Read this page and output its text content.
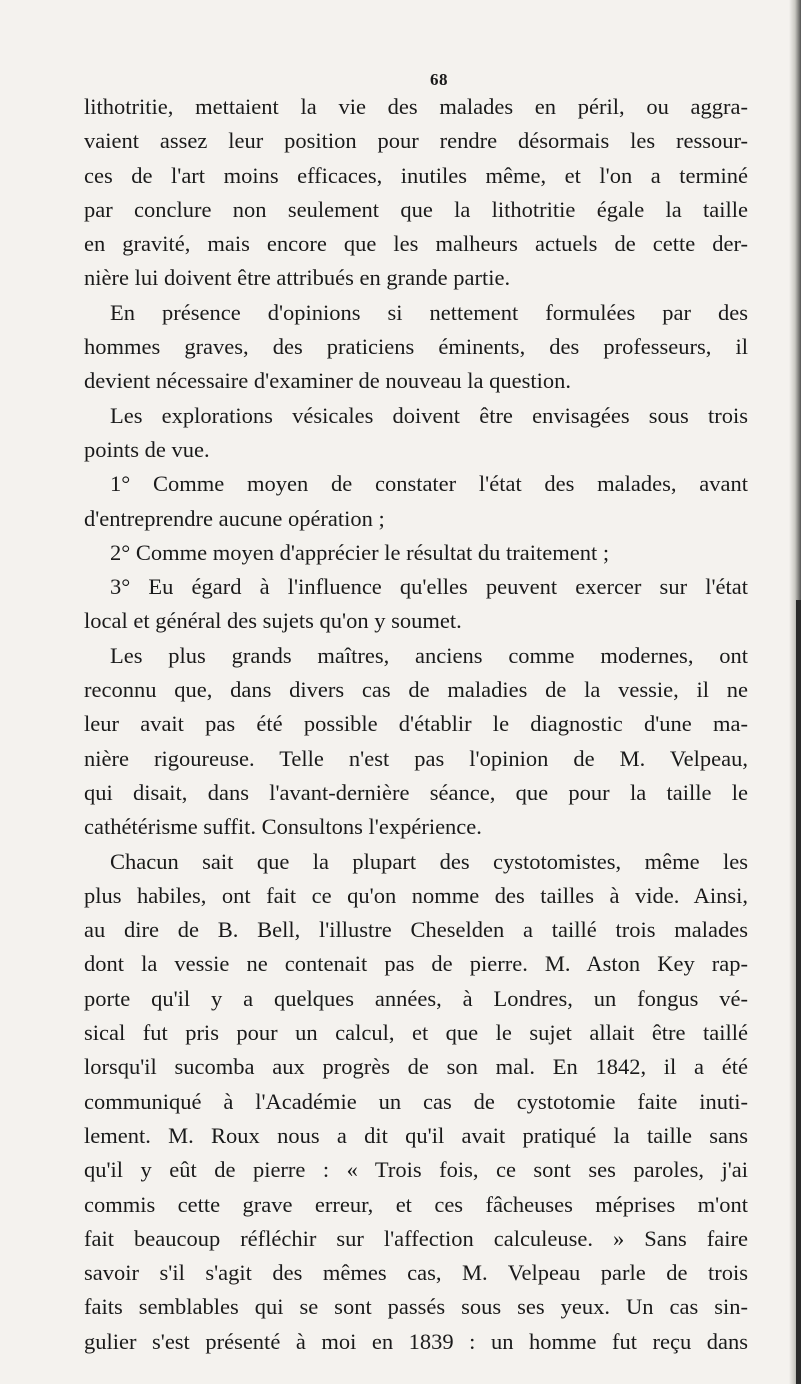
68
lithotritie, mettaient la vie des malades en péril, ou aggra-
vaient assez leur position pour rendre désormais les ressour-
ces de l'art moins efficaces, inutiles même, et l'on a terminé
par conclure non seulement que la lithotritie égale la taille
en gravité, mais encore que les malheurs actuels de cette der-
nière lui doivent être attribués en grande partie.
En présence d'opinions si nettement formulées par des
hommes graves, des praticiens éminents, des professeurs, il
devient nécessaire d'examiner de nouveau la question.
Les explorations vésicales doivent être envisagées sous trois
points de vue.
1° Comme moyen de constater l'état des malades, avant
d'entreprendre aucune opération ;
2° Comme moyen d'apprécier le résultat du traitement ;
3° Eu égard à l'influence qu'elles peuvent exercer sur l'état
local et général des sujets qu'on y soumet.
Les plus grands maîtres, anciens comme modernes, ont
reconnu que, dans divers cas de maladies de la vessie, il ne
leur avait pas été possible d'établir le diagnostic d'une ma-
nière rigoureuse. Telle n'est pas l'opinion de M. Velpeau,
qui disait, dans l'avant-dernière séance, que pour la taille le
cathétérisme suffit. Consultons l'expérience.
Chacun sait que la plupart des cystotomistes, même les
plus habiles, ont fait ce qu'on nomme des tailles à vide. Ainsi,
au dire de B. Bell, l'illustre Cheselden a taillé trois malades
dont la vessie ne contenait pas de pierre. M. Aston Key rap-
porte qu'il y a quelques années, à Londres, un fongus vé-
sical fut pris pour un calcul, et que le sujet allait être taillé
lorsqu'il sucomba aux progrès de son mal. En 1842, il a été
communiqué à l'Académie un cas de cystotomie faite inuti-
lement. M. Roux nous a dit qu'il avait pratiqué la taille sans
qu'il y eût de pierre : « Trois fois, ce sont ses paroles, j'ai
commis cette grave erreur, et ces fâcheuses méprises m'ont
fait beaucoup réfléchir sur l'affection calculeuse. » Sans faire
savoir s'il s'agit des mêmes cas, M. Velpeau parle de trois
faits semblables qui se sont passés sous ses yeux. Un cas sin-
gulier s'est présenté à moi en 1839 : un homme fut reçu dans
